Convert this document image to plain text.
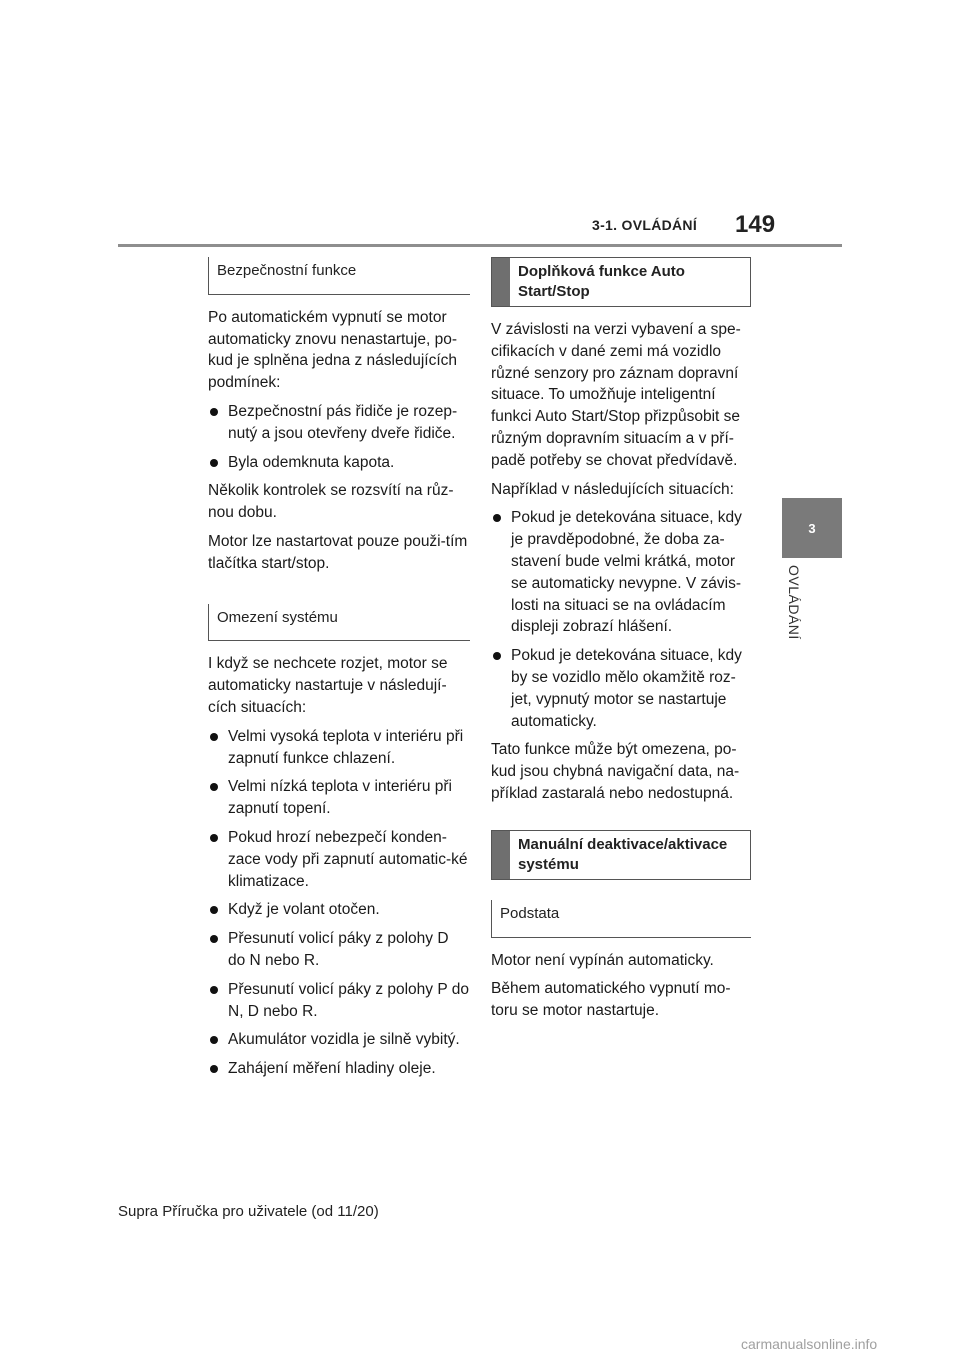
3-1. OVLÁDÁNÍ 149
3
OVLÁDÁNÍ
Bezpečnostní funkce

Po automatickém vypnutí se motor automaticky znovu nenastartuje, po-kud je splněna jedna z následujících podmínek:

Bezpečnostní pás řidiče je rozep-nutý a jsou otevřeny dveře řidiče.
Byla odemknuta kapota.

Několik kontrolek se rozsvítí na růz-nou dobu.

Motor lze nastartovat pouze použi-tím tlačítka start/stop.

Omezení systému

I když se nechcete rozjet, motor se automaticky nastartuje v následují-cích situacích:

Velmi vysoká teplota v interiéru při zapnutí funkce chlazení.
Velmi nízká teplota v interiéru při zapnutí topení.
Pokud hrozí nebezpečí konden-zace vody při zapnutí automatic-ké klimatizace.
Když je volant otočen.
Přesunutí volicí páky z polohy D do N nebo R.
Přesunutí volicí páky z polohy P do N, D nebo R.
Akumulátor vozidla je silně vybitý.
Zahájení měření hladiny oleje.
Doplňková funkce Auto Start/Stop

V závislosti na verzi vybavení a spe-cifikacích v dané zemi má vozidlo různé senzory pro záznam dopravní situace. To umožňuje inteligentní funkci Auto Start/Stop přizpůsobit se různým dopravním situacím a v pří-padě potřeby se chovat předvídavě.

Například v následujících situacích:

Pokud je detekována situace, kdy je pravděpodobné, že doba za-stavení bude velmi krátká, motor se automaticky nevypne. V závis-losti na situaci se na ovládacím displeji zobrazí hlášení.
Pokud je detekována situace, kdy by se vozidlo mělo okamžitě roz-jet, vypnutý motor se nastartuje automaticky.

Tato funkce může být omezena, po-kud jsou chybná navigační data, na-příklad zastaralá nebo nedostupná.

Manuální deaktivace/aktivace systému
Podstata

Motor není vypínán automaticky.

Během automatického vypnutí mo-toru se motor nastartuje.

Supra Příručka pro uživatele (od 11/20)
carmanualsonline.info
